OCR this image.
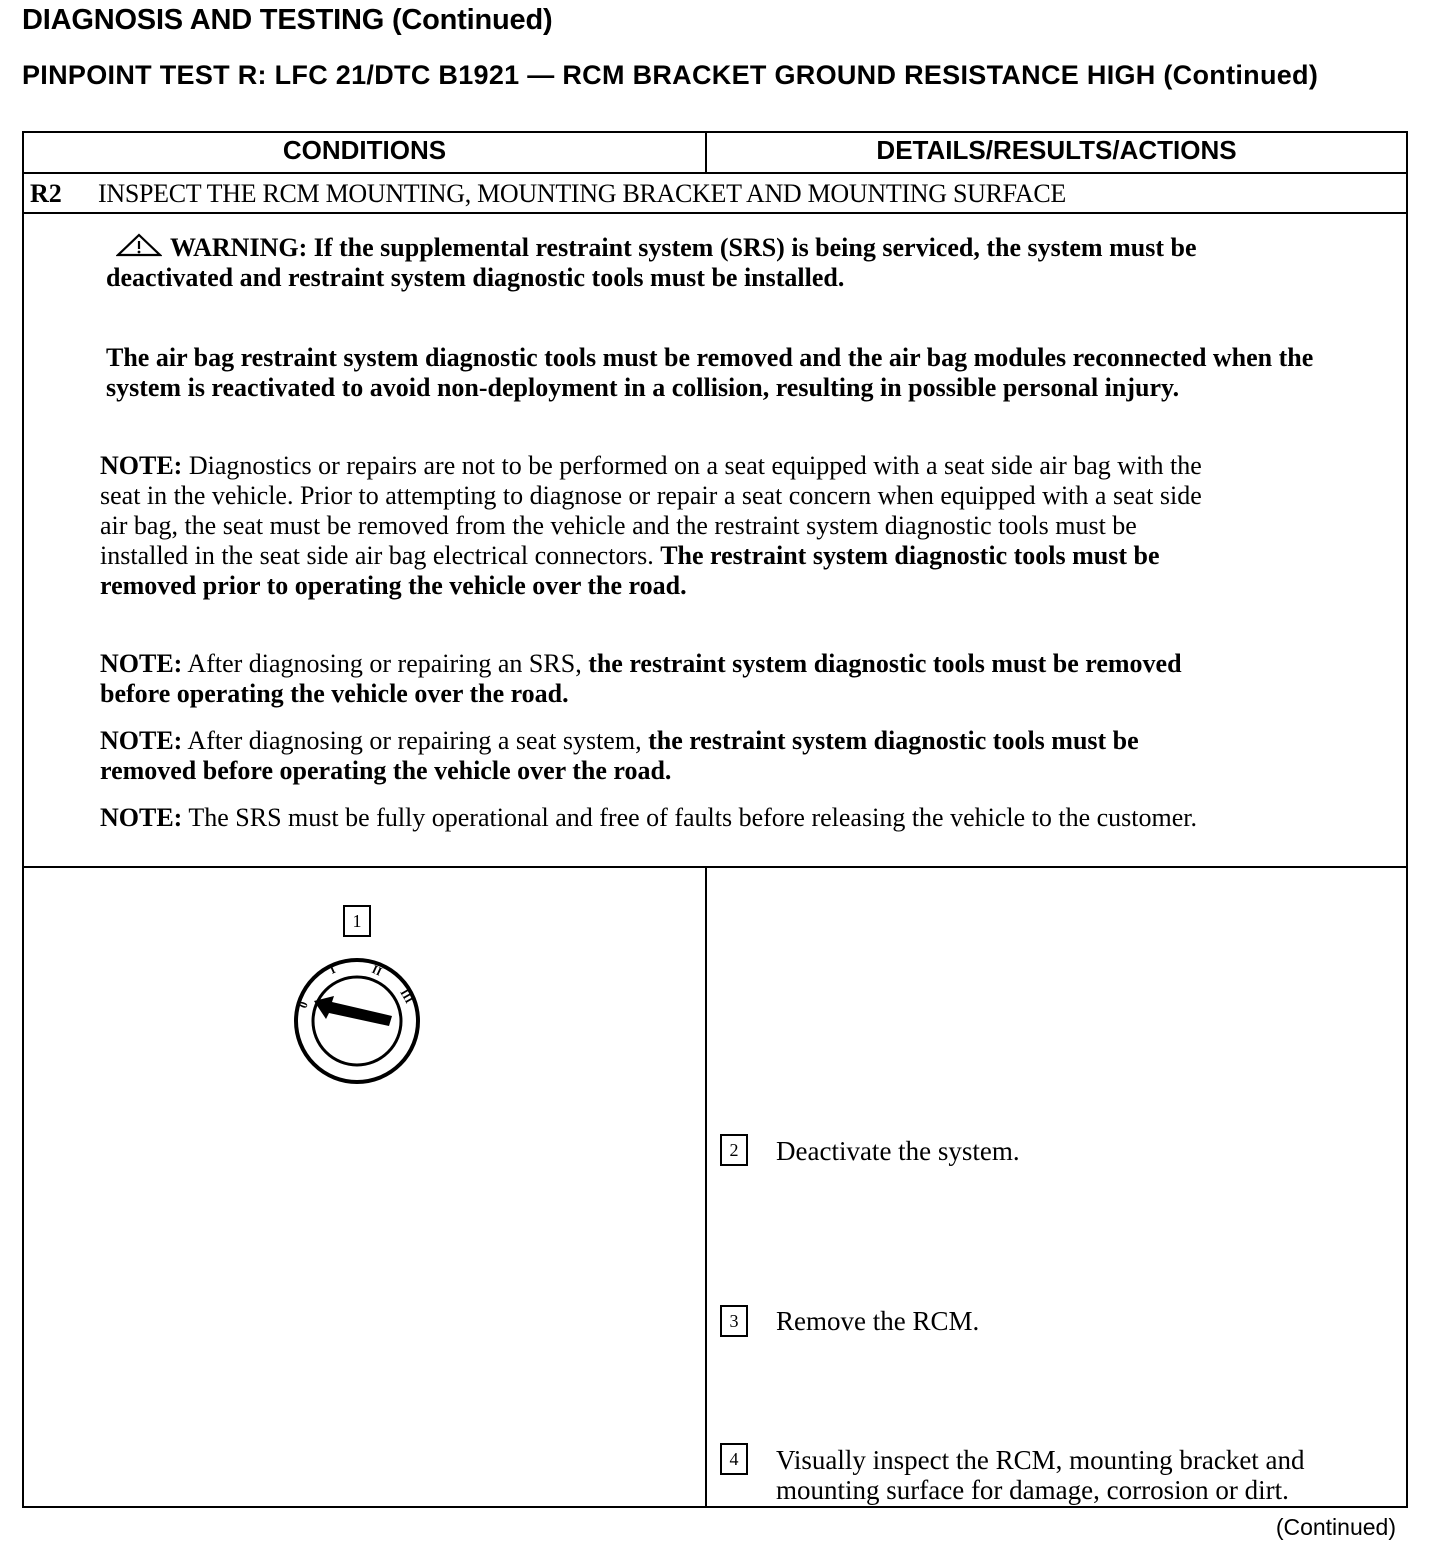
DIAGNOSIS AND TESTING (Continued)
PINPOINT TEST R: LFC 21/DTC B1921 — RCM BRACKET GROUND RESISTANCE HIGH (Continued)
CONDITIONS	DETAILS/RESULTS/ACTIONS
R2 INSPECT THE RCM MOUNTING, MOUNTING BRACKET AND MOUNTING SURFACE
WARNING: If the supplemental restraint system (SRS) is being serviced, the system must be deactivated and restraint system diagnostic tools must be installed.
The air bag restraint system diagnostic tools must be removed and the air bag modules reconnected when the system is reactivated to avoid non-deployment in a collision, resulting in possible personal injury.
NOTE: Diagnostics or repairs are not to be performed on a seat equipped with a seat side air bag with the seat in the vehicle. Prior to attempting to diagnose or repair a seat concern when equipped with a seat side air bag, the seat must be removed from the vehicle and the restraint system diagnostic tools must be installed in the seat side air bag electrical connectors. The restraint system diagnostic tools must be removed prior to operating the vehicle over the road.
NOTE: After diagnosing or repairing an SRS, the restraint system diagnostic tools must be removed before operating the vehicle over the road.
NOTE: After diagnosing or repairing a seat system, the restraint system diagnostic tools must be removed before operating the vehicle over the road.
NOTE: The SRS must be fully operational and free of faults before releasing the vehicle to the customer.
1
0
I	II
III
2	Deactivate the system.
3	Remove the RCM.
4	Visually inspect the RCM, mounting bracket and mounting surface for damage, corrosion or dirt.
(Continued)
